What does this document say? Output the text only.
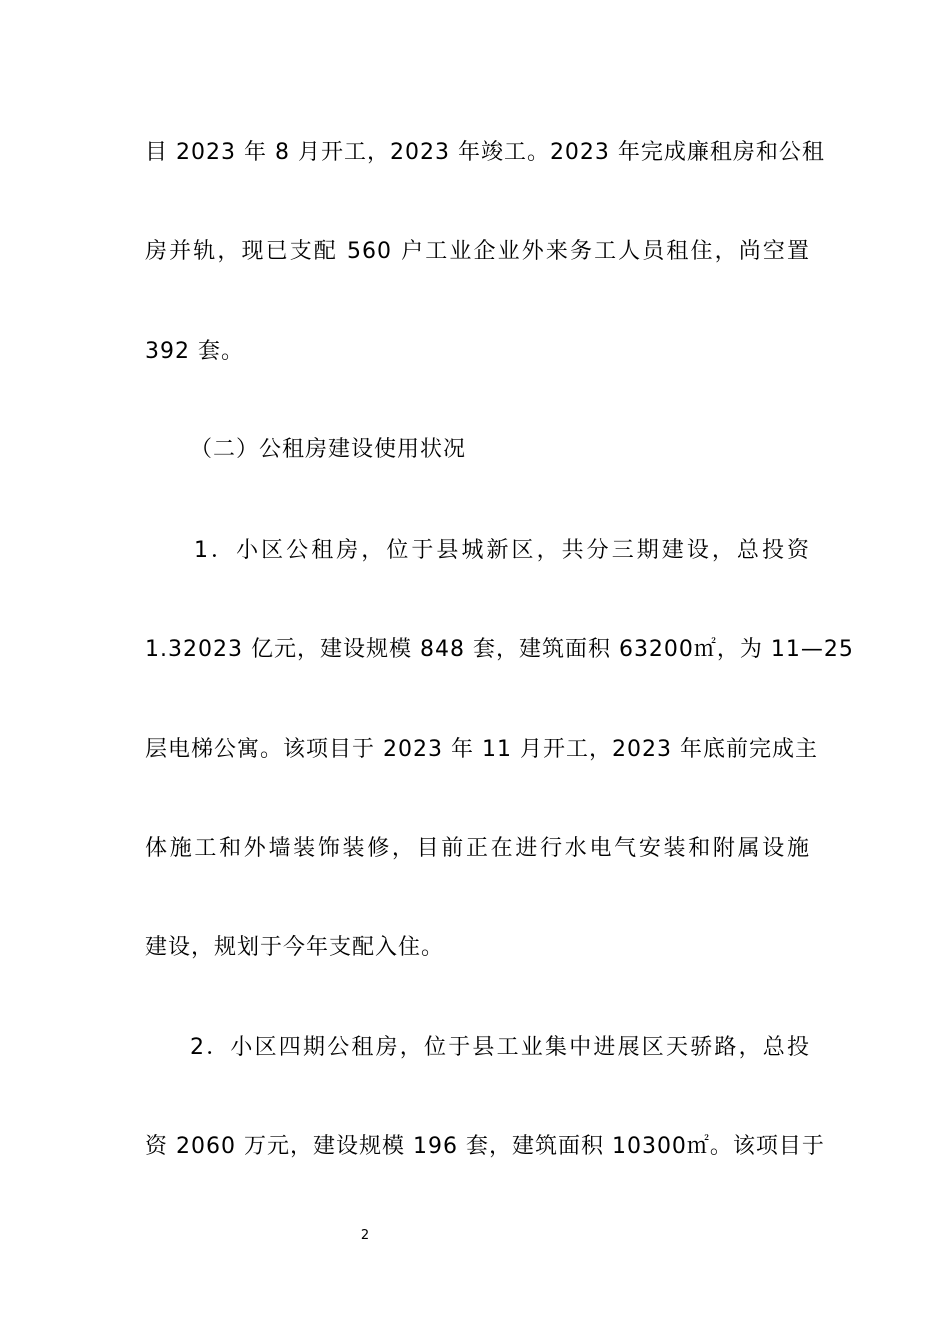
目 2023 年 8 月开工，2023 年竣工。2023 年完成廉租房和公租
房并轨，现已支配 560 户工业企业外来务工人员租住，尚空置
392 套。
（二）公租房建设使用状况
1．小区公租房，位于县城新区，共分三期建设，总投资
1.32023 亿元，建设规模 848 套，建筑面积 63200㎡，为 11—25
层电梯公寓。该项目于 2023 年 11 月开工，2023 年底前完成主
体施工和外墙装饰装修，目前正在进行水电气安装和附属设施
建设，规划于今年支配入住。
2．小区四期公租房，位于县工业集中进展区天骄路，总投
资 2060 万元，建设规模 196 套，建筑面积 10300㎡。该项目于
2
